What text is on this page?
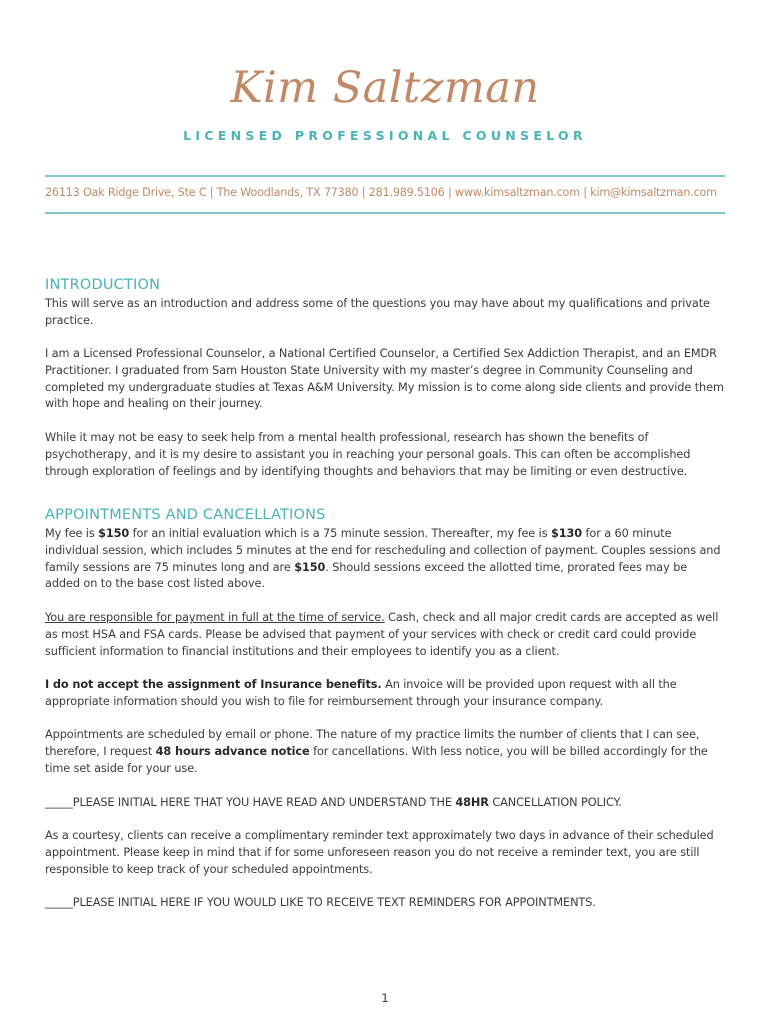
Kim Saltzman
LICENSED PROFESSIONAL COUNSELOR
26113 Oak Ridge Drive, Ste C | The Woodlands, TX 77380 | 281.989.5106 | www.kimsaltzman.com | kim@kimsaltzman.com
INTRODUCTION
This will serve as an introduction and address some of the questions you may have about my qualifications and private practice.
I am a Licensed Professional Counselor, a National Certified Counselor, a Certified Sex Addiction Therapist, and an EMDR Practitioner. I graduated from Sam Houston State University with my master’s degree in Community Counseling and completed my undergraduate studies at Texas A&M University. My mission is to come along side clients and provide them with hope and healing on their journey.
While it may not be easy to seek help from a mental health professional, research has shown the benefits of psychotherapy, and it is my desire to assistant you in reaching your personal goals. This can often be accomplished through exploration of feelings and by identifying thoughts and behaviors that may be limiting or even destructive.
APPOINTMENTS AND CANCELLATIONS
My fee is $150 for an initial evaluation which is a 75 minute session. Thereafter, my fee is $130 for a 60 minute individual session, which includes 5 minutes at the end for rescheduling and collection of payment. Couples sessions and family sessions are 75 minutes long and are $150. Should sessions exceed the allotted time, prorated fees may be added on to the base cost listed above.
You are responsible for payment in full at the time of service. Cash, check and all major credit cards are accepted as well as most HSA and FSA cards. Please be advised that payment of your services with check or credit card could provide sufficient information to financial institutions and their employees to identify you as a client.
I do not accept the assignment of Insurance benefits. An invoice will be provided upon request with all the appropriate information should you wish to file for reimbursement through your insurance company.
Appointments are scheduled by email or phone. The nature of my practice limits the number of clients that I can see, therefore, I request 48 hours advance notice for cancellations. With less notice, you will be billed accordingly for the time set aside for your use.
_____PLEASE INITIAL HERE THAT YOU HAVE READ AND UNDERSTAND THE 48HR CANCELLATION POLICY.
As a courtesy, clients can receive a complimentary reminder text approximately two days in advance of their scheduled appointment. Please keep in mind that if for some unforeseen reason you do not receive a reminder text, you are still responsible to keep track of your scheduled appointments.
_____PLEASE INITIAL HERE IF YOU WOULD LIKE TO RECEIVE TEXT REMINDERS FOR APPOINTMENTS.
1
